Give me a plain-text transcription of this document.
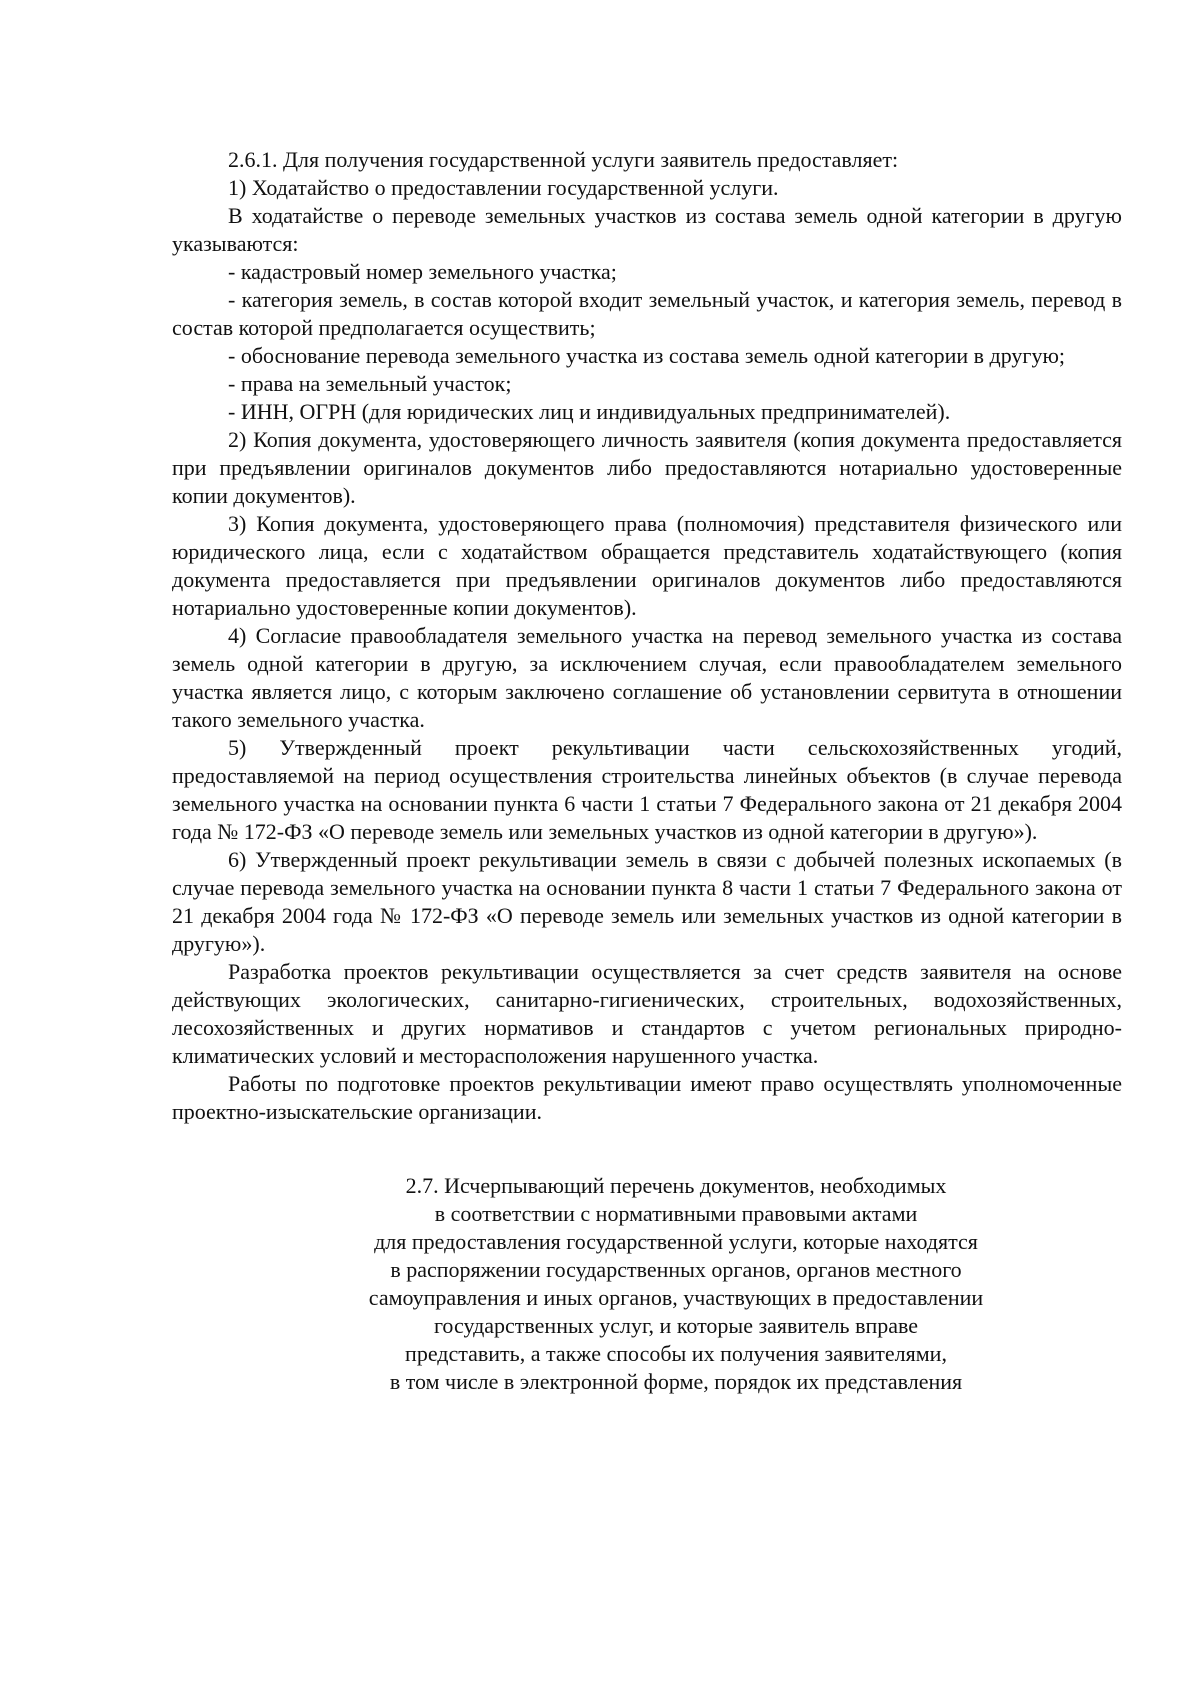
2.6.1. Для получения государственной услуги заявитель предоставляет:

1) Ходатайство о предоставлении государственной услуги.

В ходатайстве о переводе земельных участков из состава земель одной категории в другую указываются:

- кадастровый номер земельного участка;

- категория земель, в состав которой входит земельный участок, и категория земель, перевод в состав которой предполагается осуществить;

- обоснование перевода земельного участка из состава земель одной категории в другую;

- права на земельный участок;

- ИНН, ОГРН (для юридических лиц и индивидуальных предпринимателей).

2) Копия документа, удостоверяющего личность заявителя (копия документа предоставляется при предъявлении оригиналов документов либо предоставляются нотариально удостоверенные копии документов).

3) Копия документа, удостоверяющего права (полномочия) представителя физического или юридического лица, если с ходатайством обращается представитель ходатайствующего (копия документа предоставляется при предъявлении оригиналов документов либо предоставляются нотариально удостоверенные копии документов).

4) Согласие правообладателя земельного участка на перевод земельного участка из состава земель одной категории в другую, за исключением случая, если правообладателем земельного участка является лицо, с которым заключено соглашение об установлении сервитута в отношении такого земельного участка.

5) Утвержденный проект рекультивации части сельскохозяйственных угодий, предоставляемой на период осуществления строительства линейных объектов (в случае перевода земельного участка на основании пункта 6 части 1 статьи 7 Федерального закона от 21 декабря 2004 года № 172-ФЗ «О переводе земель или земельных участков из одной категории в другую»).

6) Утвержденный проект рекультивации земель в связи с добычей полезных ископаемых (в случае перевода земельного участка на основании пункта 8 части 1 статьи 7 Федерального закона от 21 декабря 2004 года № 172-ФЗ «О переводе земель или земельных участков из одной категории в другую»).

Разработка проектов рекультивации осуществляется за счет средств заявителя на основе действующих экологических, санитарно-гигиенических, строительных, водохозяйственных, лесохозяйственных и других нормативов и стандартов с учетом региональных природно-климатических условий и месторасположения нарушенного участка.

Работы по подготовке проектов рекультивации имеют право осуществлять уполномоченные проектно-изыскательские организации.

2.7. Исчерпывающий перечень документов, необходимых
в соответствии с нормативными правовыми актами
для предоставления государственной услуги, которые находятся
в распоряжении государственных органов, органов местного
самоуправления и иных органов, участвующих в предоставлении
государственных услуг, и которые заявитель вправе
представить, а также способы их получения заявителями,
в том числе в электронной форме, порядок их представления
